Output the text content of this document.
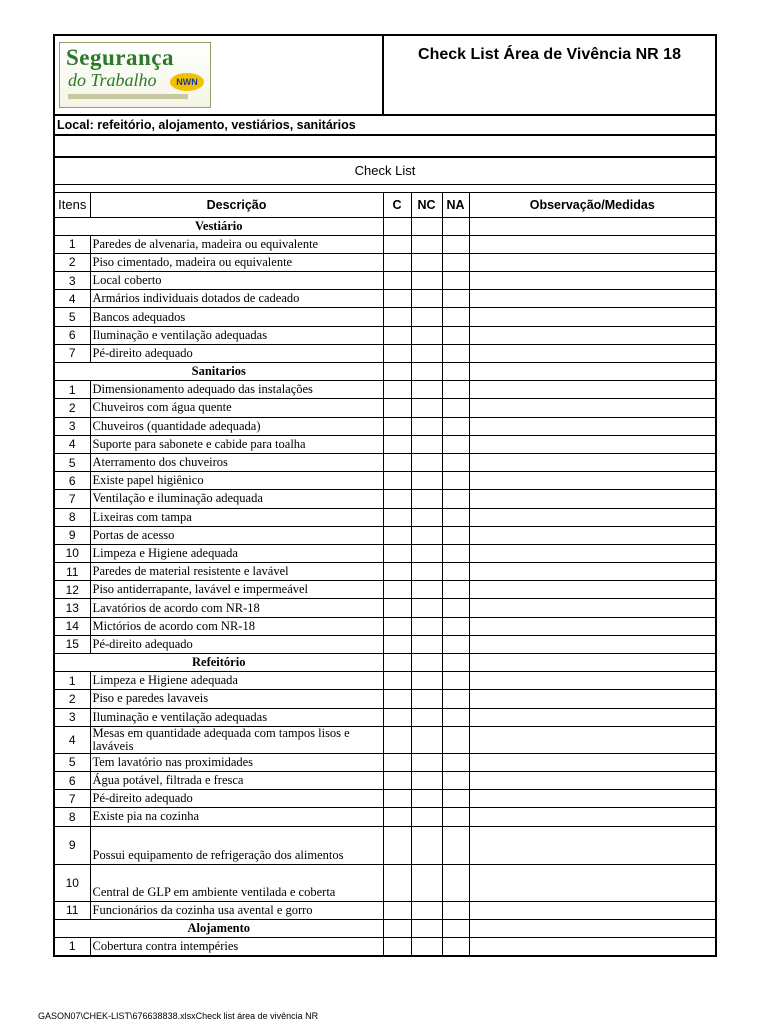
Segurança
do Trabalho NWN		Check List Área de Vivência NR 18			
Local: refeitório, alojamento, vestiários, sanitários					

Check List					

Itens	Descrição	C	NC	NA	Observação/Medidas
Vestiário					
1	Paredes de alvenaria, madeira ou equivalente				
2	Piso cimentado, madeira ou equivalente				
3	Local coberto				
4	Armários individuais dotados de cadeado				
5	Bancos adequados				
6	Iluminação e ventilação adequadas				
7	Pé-direito adequado				
Sanitarios					
1	Dimensionamento adequado das instalações				
2	Chuveiros com água quente				
3	Chuveiros (quantidade adequada)				
4	Suporte para sabonete e cabide para toalha				
5	Aterramento dos chuveiros				
6	Existe papel higiênico				
7	Ventilação e iluminação adequada				
8	Lixeiras com tampa				
9	Portas de acesso				
10	Limpeza e Higiene adequada				
11	Paredes de material resistente e lavável				
12	Piso antiderrapante, lavável e impermeável				
13	Lavatórios de acordo com NR-18				
14	Mictórios de acordo com NR-18				
15	Pé-direito adequado				
Refeitório					
1	Limpeza e Higiene adequada				
2	Piso e paredes lavaveis				
3	Iluminação e ventilação adequadas				
4	Mesas em quantidade adequada com tampos lisos e laváveis				
5	Tem lavatório nas proximidades				
6	Água potável, filtrada e fresca				
7	Pé-direito adequado				
8	Existe pia na cozinha				
9	Possui equipamento de refrigeração dos alimentos				
10	Central de GLP em ambiente ventilada e coberta				
11	Funcionários da cozinha usa avental e gorro				
Alojamento					
1	Cobertura contra intempéries				
GASON07\CHEK-LIST\676638838.xlsxCheck list área de vivência NR
